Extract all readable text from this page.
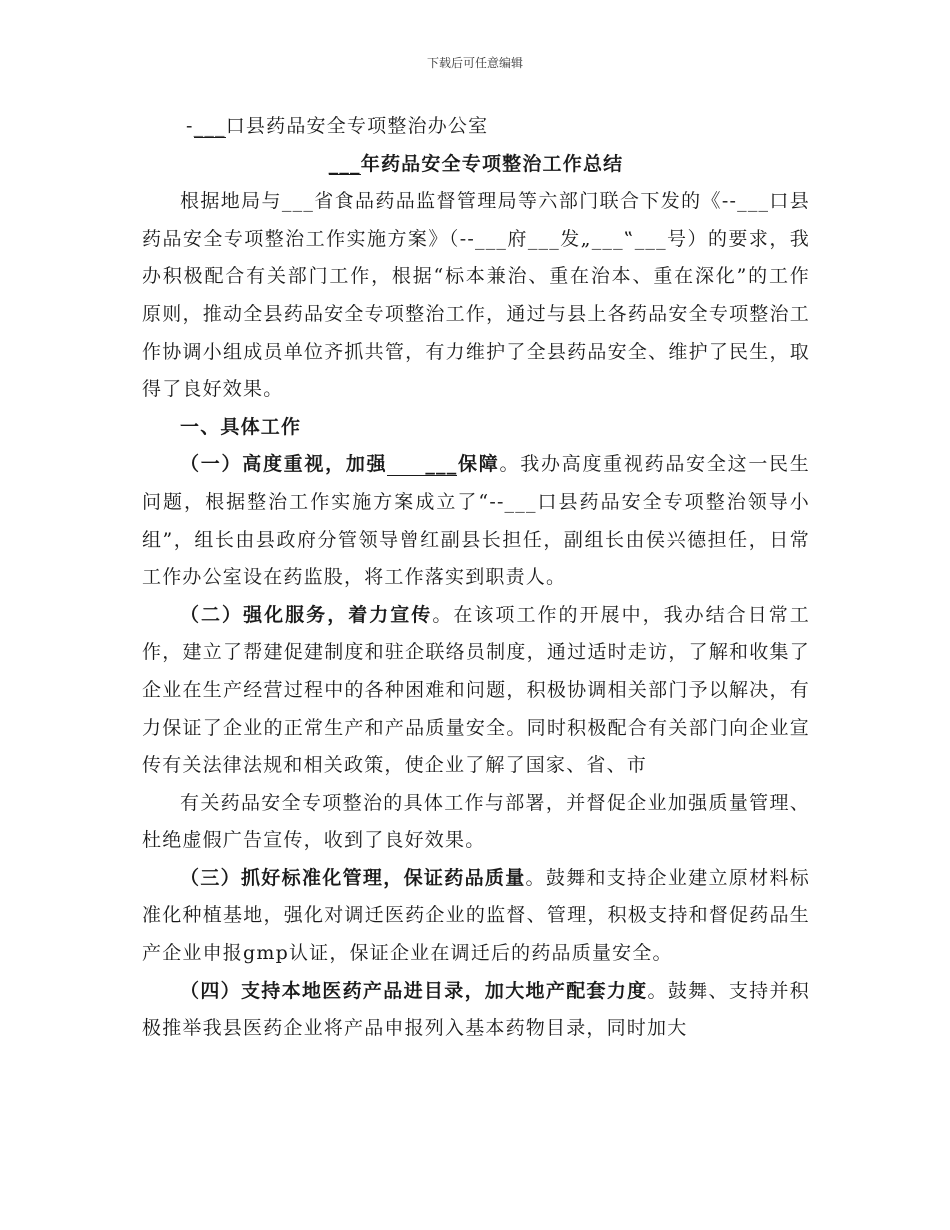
下载后可任意编辑

-___口县药品安全专项整治办公室

___年药品安全专项整治工作总结

根据地局与___省食品药品监督管理局等六部门联合下发的《--___口县药品安全专项整治工作实施方案》（--___府___发„___‟___号）的要求，我办积极配合有关部门工作，根据“标本兼治、重在治本、重在深化”的工作原则，推动全县药品安全专项整治工作，通过与县上各药品安全专项整治工作协调小组成员单位齐抓共管，有力维护了全县药品安全、维护了民生，取得了良好效果。

一、具体工作

（一）高度重视，加强 ___保障。我办高度重视药品安全这一民生问题，根据整治工作实施方案成立了“--___口县药品安全专项整治领导小组”，组长由县政府分管领导曾红副县长担任，副组长由侯兴德担任，日常工作办公室设在药监股，将工作落实到职责人。

（二）强化服务，着力宣传。在该项工作的开展中，我办结合日常工作，建立了帮建促建制度和驻企联络员制度，通过适时走访，了解和收集了企业在生产经营过程中的各种困难和问题，积极协调相关部门予以解决，有力保证了企业的正常生产和产品质量安全。同时积极配合有关部门向企业宣传有关法律法规和相关政策，使企业了解了国家、省、市

有关药品安全专项整治的具体工作与部署，并督促企业加强质量管理、杜绝虚假广告宣传，收到了良好效果。

（三）抓好标准化管理，保证药品质量。鼓舞和支持企业建立原材料标准化种植基地，强化对调迁医药企业的监督、管理，积极支持和督促药品生产企业申报gmp认证，保证企业在调迁后的药品质量安全。

（四）支持本地医药产品进目录，加大地产配套力度。鼓舞、支持并积极推举我县医药企业将产品申报列入基本药物目录，同时加大
